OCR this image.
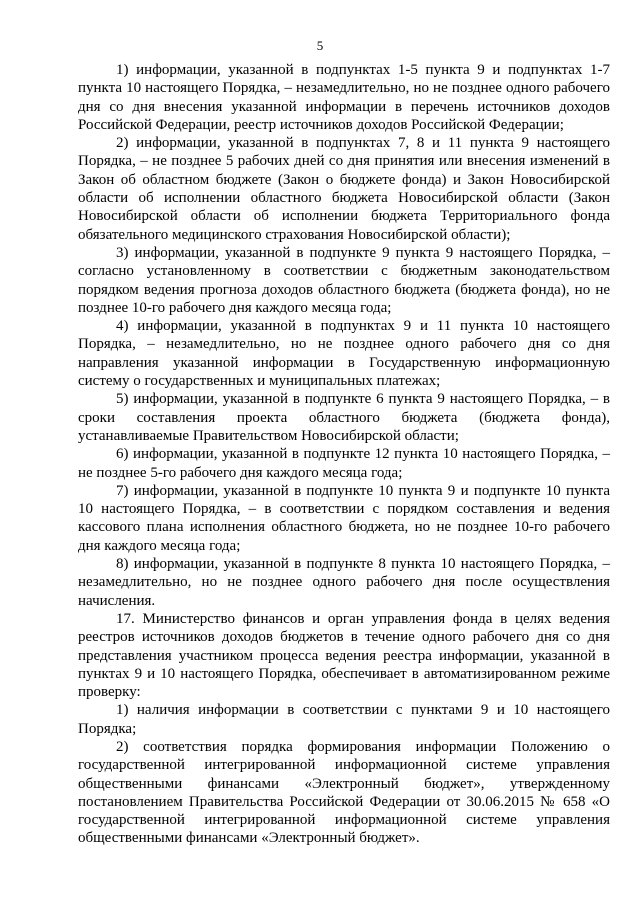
5

1) информации, указанной в подпунктах 1-5 пункта 9 и подпунктах 1-7 пункта 10 настоящего Порядка, – незамедлительно, но не позднее одного рабочего дня со дня внесения указанной информации в перечень источников доходов Российской Федерации, реестр источников доходов Российской Федерации;

2) информации, указанной в подпунктах 7, 8 и 11 пункта 9 настоящего Порядка, – не позднее 5 рабочих дней со дня принятия или внесения изменений в Закон об областном бюджете (Закон о бюджете фонда) и Закон Новосибирской области об исполнении областного бюджета Новосибирской области (Закон Новосибирской области об исполнении бюджета Территориального фонда обязательного медицинского страхования Новосибирской области);

3) информации, указанной в подпункте 9 пункта 9 настоящего Порядка, – согласно установленному в соответствии с бюджетным законодательством порядком ведения прогноза доходов областного бюджета (бюджета фонда), но не позднее 10-го рабочего дня каждого месяца года;

4) информации, указанной в подпунктах 9 и 11 пункта 10 настоящего Порядка, – незамедлительно, но не позднее одного рабочего дня со дня направления указанной информации в Государственную информационную систему о государственных и муниципальных платежах;

5) информации, указанной в подпункте 6 пункта 9 настоящего Порядка, – в сроки составления проекта областного бюджета (бюджета фонда), устанавливаемые Правительством Новосибирской области;

6) информации, указанной в подпункте 12 пункта 10 настоящего Порядка, – не позднее 5-го рабочего дня каждого месяца года;

7) информации, указанной в подпункте 10 пункта 9 и подпункте 10 пункта 10 настоящего Порядка, – в соответствии с порядком составления и ведения кассового плана исполнения областного бюджета, но не позднее 10-го рабочего дня каждого месяца года;

8) информации, указанной в подпункте 8 пункта 10 настоящего Порядка, – незамедлительно, но не позднее одного рабочего дня после осуществления начисления.

17. Министерство финансов и орган управления фонда в целях ведения реестров источников доходов бюджетов в течение одного рабочего дня со дня представления участником процесса ведения реестра информации, указанной в пунктах 9 и 10 настоящего Порядка, обеспечивает в автоматизированном режиме проверку:

1) наличия информации в соответствии с пунктами 9 и 10 настоящего Порядка;

2) соответствия порядка формирования информации Положению о государственной интегрированной информационной системе управления общественными финансами «Электронный бюджет», утвержденному постановлением Правительства Российской Федерации от 30.06.2015 № 658 «О государственной интегрированной информационной системе управления общественными финансами «Электронный бюджет».
